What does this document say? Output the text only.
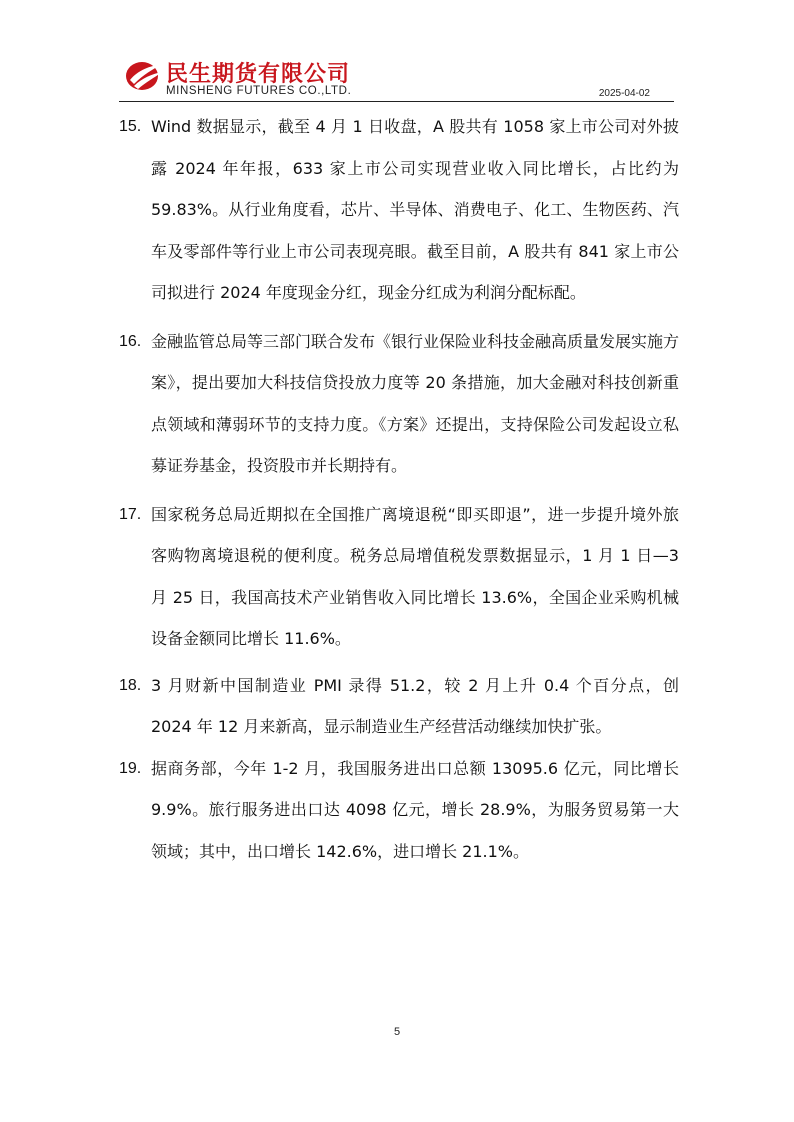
民生期货有限公司
MINSHENG FUTURES CO.,LTD.	2025-04-02
15. Wind 数据显示，截至 4 月 1 日收盘，A 股共有 1058 家上市公司对外披露 2024 年年报，633 家上市公司实现营业收入同比增长，占比约为 59.83%。从行业角度看，芯片、半导体、消费电子、化工、生物医药、汽车及零部件等行业上市公司表现亮眼。截至目前，A 股共有 841 家上市公司拟进行 2024 年度现金分红，现金分红成为利润分配标配。
16. 金融监管总局等三部门联合发布《银行业保险业科技金融高质量发展实施方案》，提出要加大科技信贷投放力度等 20 条措施，加大金融对科技创新重点领域和薄弱环节的支持力度。《方案》还提出，支持保险公司发起设立私募证券基金，投资股市并长期持有。
17. 国家税务总局近期拟在全国推广离境退税“即买即退”，进一步提升境外旅客购物离境退税的便利度。税务总局增值税发票数据显示，1 月 1 日—3 月 25 日，我国高技术产业销售收入同比增长 13.6%，全国企业采购机械设备金额同比增长 11.6%。
18. 3 月财新中国制造业 PMI 录得 51.2，较 2 月上升 0.4 个百分点，创 2024 年 12 月来新高，显示制造业生产经营活动继续加快扩张。
19. 据商务部，今年 1-2 月，我国服务进出口总额 13095.6 亿元，同比增长 9.9%。旅行服务进出口达 4098 亿元，增长 28.9%，为服务贸易第一大领域；其中，出口增长 142.6%，进口增长 21.1%。
5
